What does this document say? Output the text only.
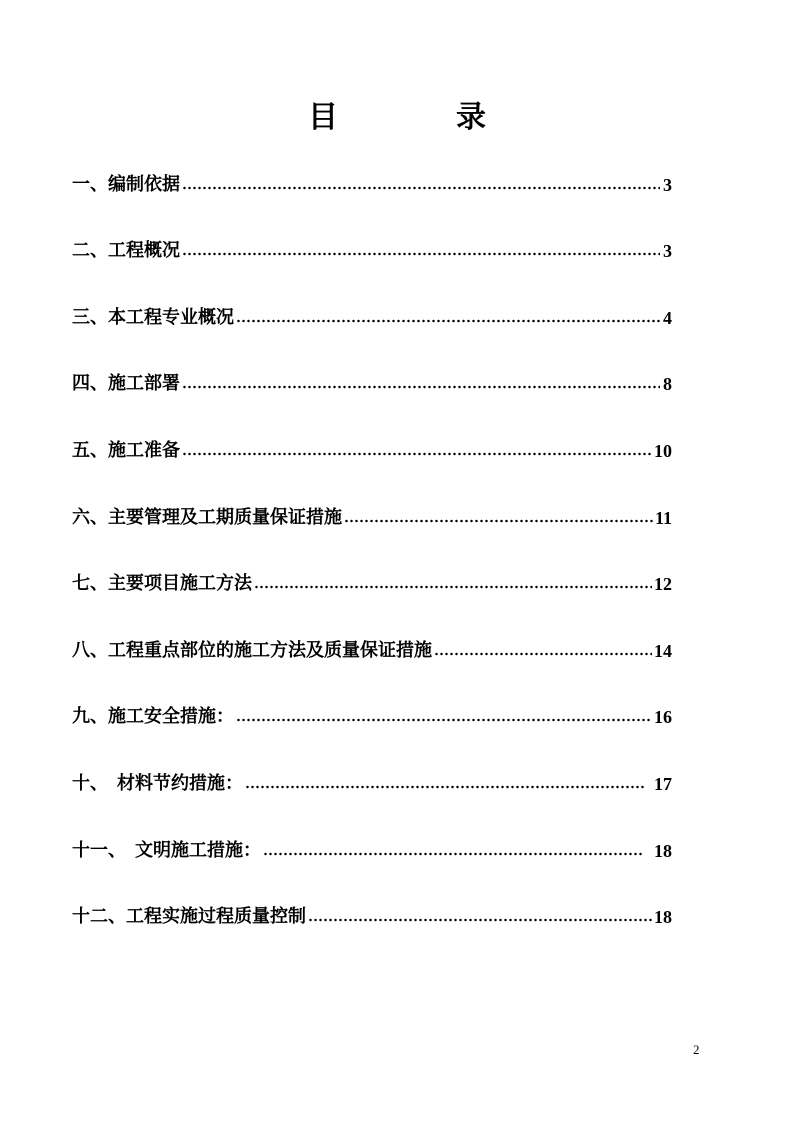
目　录
一、编制依据	3
二、工程概况	3
三、本工程专业概况	4
四、施工部署	8
五、施工准备	10
六、主要管理及工期质量保证措施	11
七、主要项目施工方法	12
八、工程重点部位的施工方法及质量保证措施	14
九、施工安全措施：	16
十、　材料节约措施：	17
十一、　文明施工措施：	18
十二、工程实施过程质量控制	18
2
